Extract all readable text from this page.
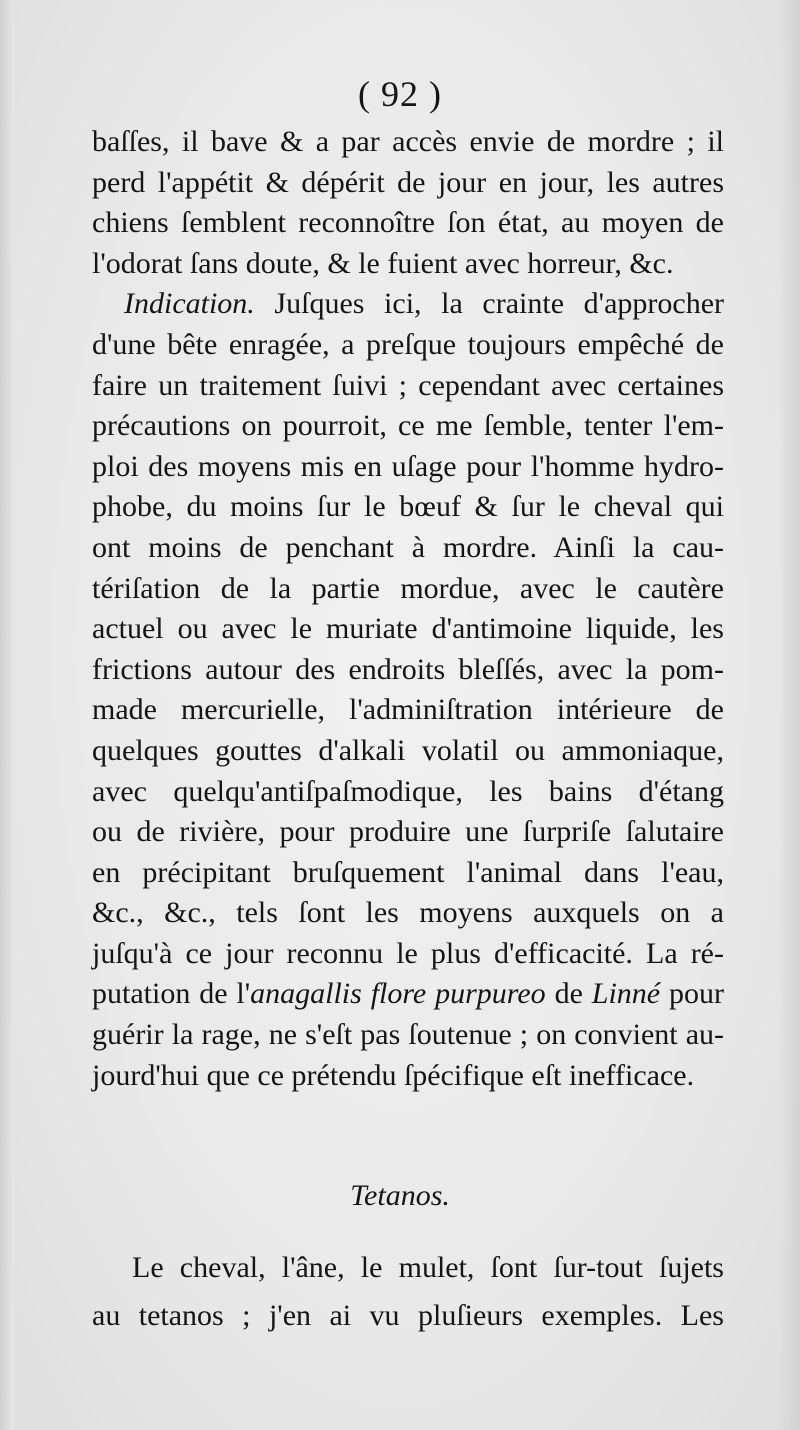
( 92 )
baſſes, il bave & a par accès envie de mordre ; il
perd l'appétit & dépérit de jour en jour, les autres
chiens ſemblent reconnoître ſon état, au moyen de
l'odorat ſans doute, & le fuient avec horreur, &c.
Indication. Juſques ici, la crainte d'approcher
d'une bête enragée, a preſque toujours empêché de
faire un traitement ſuivi ; cependant avec certaines
précautions on pourroit, ce me ſemble, tenter l'em-
ploi des moyens mis en uſage pour l'homme hydro-
phobe, du moins ſur le bœuf & ſur le cheval qui
ont moins de penchant à mordre. Ainſi la cau-
tériſation de la partie mordue, avec le cautère
actuel ou avec le muriate d'antimoine liquide, les
frictions autour des endroits bleſſés, avec la pom-
made mercurielle, l'adminiſtration intérieure de
quelques gouttes d'alkali volatil ou ammoniaque,
avec quelqu'antiſpaſmodique, les bains d'étang
ou de rivière, pour produire une ſurpriſe ſalutaire
en précipitant bruſquement l'animal dans l'eau,
&c., &c., tels ſont les moyens auxquels on a
juſqu'à ce jour reconnu le plus d'efficacité. La ré-
putation de l'anagallis flore purpureo de Linné pour
guérir la rage, ne s'eſt pas ſoutenue ; on convient au-
jourd'hui que ce prétendu ſpécifique eſt inefficace.
Tetanos.
Le cheval, l'âne, le mulet, ſont ſur-tout ſujets
au tetanos ; j'en ai vu pluſieurs exemples. Les
